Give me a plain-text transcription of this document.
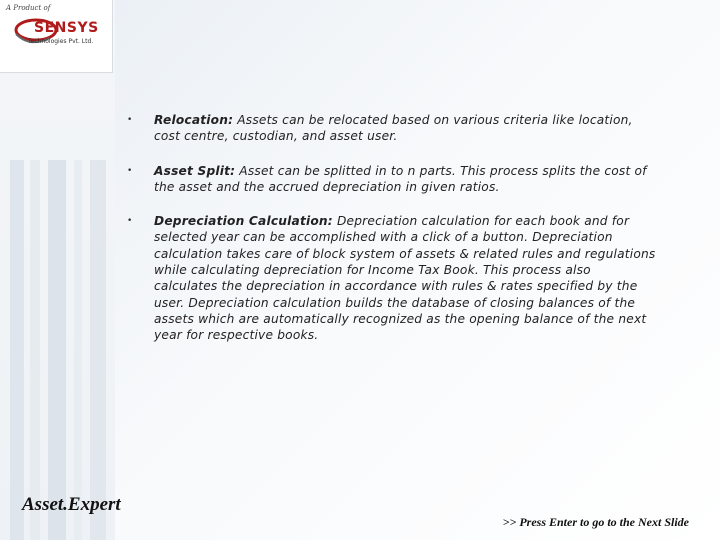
A Product of
SENSYS
Technologies Pvt. Ltd.
• Relocation: Assets can be relocated based on various criteria like location, cost centre, custodian, and asset user.
• Asset Split: Asset can be splitted in to n parts. This process splits the cost of the asset and the accrued depreciation in given ratios.
• Depreciation Calculation: Depreciation calculation for each book and for selected year can be accomplished with a click of a button. Depreciation calculation takes care of block system of assets & related rules and regulations while calculating depreciation for Income Tax Book. This process also calculates the depreciation in accordance with rules & rates specified by the user. Depreciation calculation builds the database of closing balances of the assets which are automatically recognized as the opening balance of the next year for respective books.
Asset.Expert
>> Press Enter to go to the Next Slide
